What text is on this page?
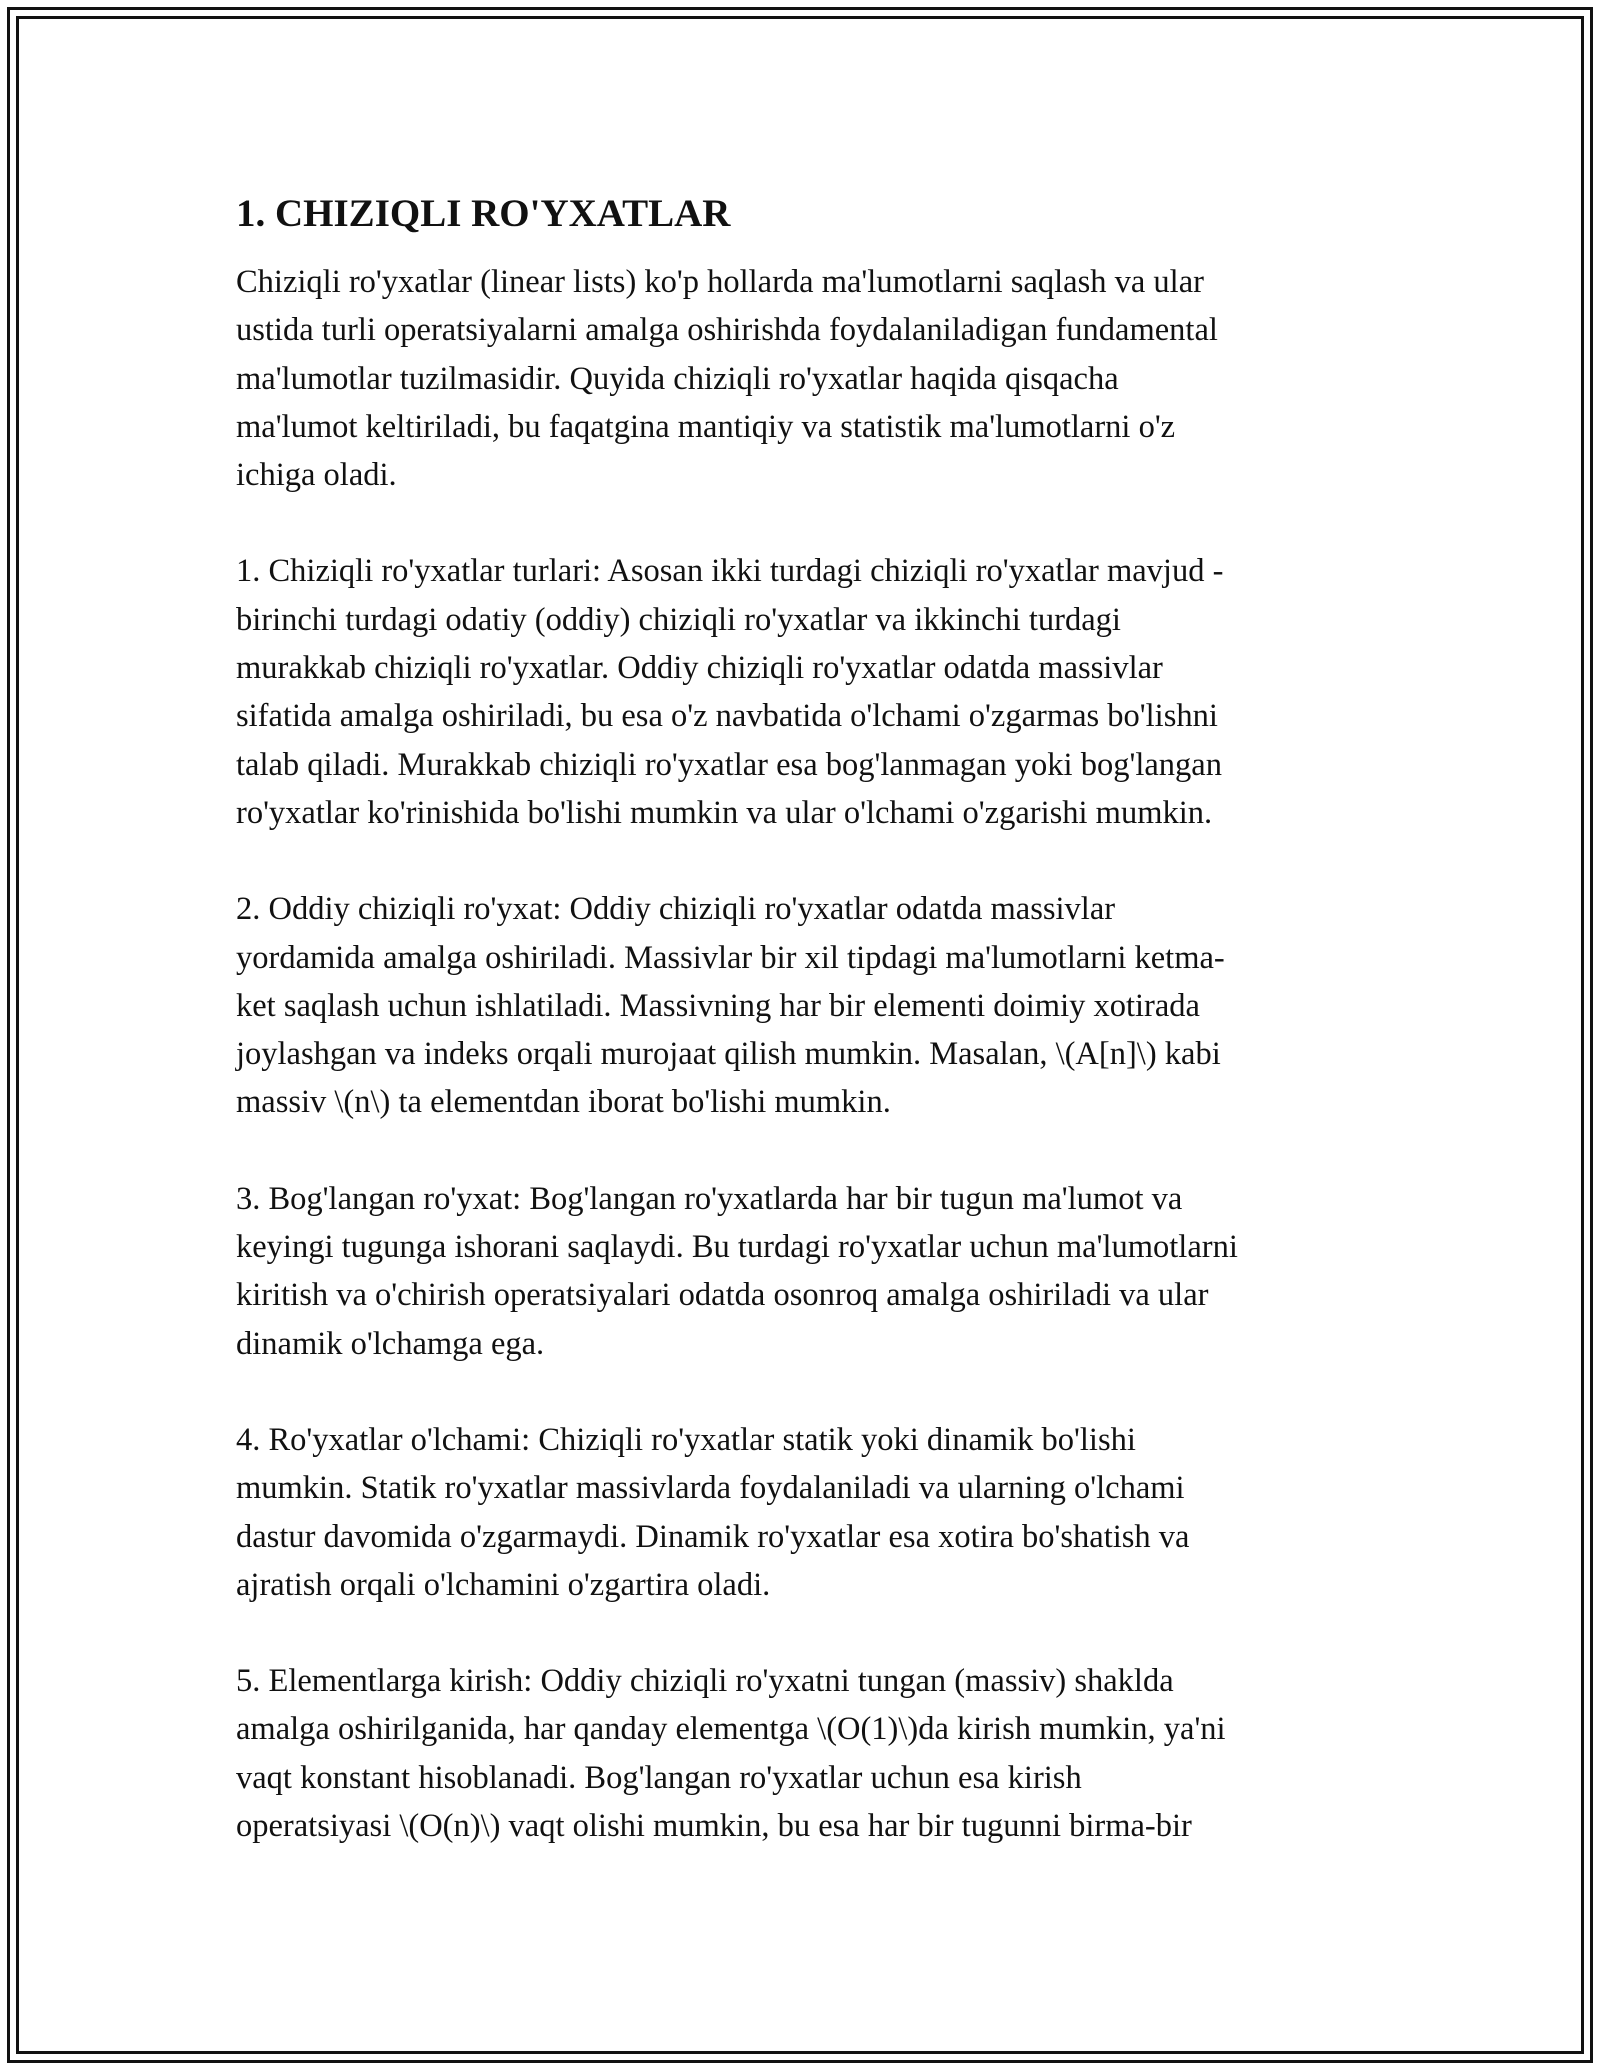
1. CHIZIQLI RO'YXATLAR

Chiziqli ro'yxatlar (linear lists) ko'p hollarda ma'lumotlarni saqlash va ular
ustida turli operatsiyalarni amalga oshirishda foydalaniladigan fundamental
ma'lumotlar tuzilmasidir. Quyida chiziqli ro'yxatlar haqida qisqacha
ma'lumot keltiriladi, bu faqatgina mantiqiy va statistik ma'lumotlarni o'z
ichiga oladi.

1. Chiziqli ro'yxatlar turlari: Asosan ikki turdagi chiziqli ro'yxatlar mavjud -
birinchi turdagi odatiy (oddiy) chiziqli ro'yxatlar va ikkinchi turdagi
murakkab chiziqli ro'yxatlar. Oddiy chiziqli ro'yxatlar odatda massivlar
sifatida amalga oshiriladi, bu esa o'z navbatida o'lchami o'zgarmas bo'lishni
talab qiladi. Murakkab chiziqli ro'yxatlar esa bog'lanmagan yoki bog'langan
ro'yxatlar ko'rinishida bo'lishi mumkin va ular o'lchami o'zgarishi mumkin.

2. Oddiy chiziqli ro'yxat: Oddiy chiziqli ro'yxatlar odatda massivlar
yordamida amalga oshiriladi. Massivlar bir xil tipdagi ma'lumotlarni ketma-
ket saqlash uchun ishlatiladi. Massivning har bir elementi doimiy xotirada
joylashgan va indeks orqali murojaat qilish mumkin. Masalan, \(A[n]\) kabi
massiv \(n\) ta elementdan iborat bo'lishi mumkin.

3. Bog'langan ro'yxat: Bog'langan ro'yxatlarda har bir tugun ma'lumot va
keyingi tugunga ishorani saqlaydi. Bu turdagi ro'yxatlar uchun ma'lumotlarni
kiritish va o'chirish operatsiyalari odatda osonroq amalga oshiriladi va ular
dinamik o'lchamga ega.

4. Ro'yxatlar o'lchami: Chiziqli ro'yxatlar statik yoki dinamik bo'lishi
mumkin. Statik ro'yxatlar massivlarda foydalaniladi va ularning o'lchami
dastur davomida o'zgarmaydi. Dinamik ro'yxatlar esa xotira bo'shatish va
ajratish orqali o'lchamini o'zgartira oladi.

5. Elementlarga kirish: Oddiy chiziqli ro'yxatni tungan (massiv) shaklda
amalga oshirilganida, har qanday elementga \(O(1)\)da kirish mumkin, ya'ni
vaqt konstant hisoblanadi. Bog'langan ro'yxatlar uchun esa kirish
operatsiyasi \(O(n)\) vaqt olishi mumkin, bu esa har bir tugunni birma-bir
